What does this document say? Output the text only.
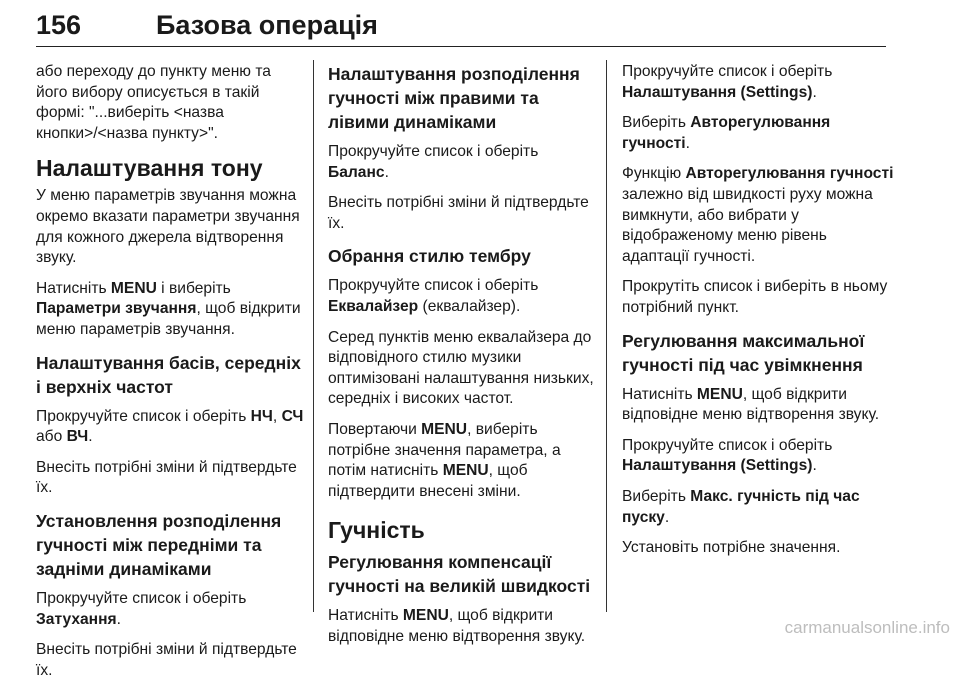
156	Базова операція

або переходу до пункту меню та його вибору описується в такій формі: "...виберіть <назва кнопки>/<назва пункту>".

Налаштування тону

У меню параметрів звучання можна окремо вказати параметри звучання для кожного джерела відтворення звуку.

Натисніть MENU і виберіть Параметри звучання, щоб відкрити меню параметрів звучання.

Налаштування басів, середніх і верхніх частот

Прокручуйте список і оберіть НЧ, СЧ або ВЧ.

Внесіть потрібні зміни й підтвердьте їх.

Установлення розподілення гучності між передніми та задніми динаміками

Прокручуйте список і оберіть Затухання.

Внесіть потрібні зміни й підтвердьте їх.

Налаштування розподілення гучності між правими та лівими динаміками

Прокручуйте список і оберіть Баланс.

Внесіть потрібні зміни й підтвердьте їх.

Обрання стилю тембру

Прокручуйте список і оберіть Еквалайзер (еквалайзер).

Серед пунктів меню еквалайзера до відповідного стилю музики оптимізовані налаштування низьких, середніх і високих частот.

Повертаючи MENU, виберіть потрібне значення параметра, а потім натисніть MENU, щоб підтвердити внесені зміни.

Гучність
Регулювання компенсації гучності на великій швидкості

Натисніть MENU, щоб відкрити відповідне меню відтворення звуку.

Прокручуйте список і оберіть Налаштування (Settings).

Виберіть Авторегулювання гучності.

Функцію Авторегулювання гучності залежно від швидкості руху можна вимкнути, або вибрати у відображеному меню рівень адаптації гучності.

Прокрутіть список і виберіть в ньому потрібний пункт.

Регулювання максимальної гучності під час увімкнення

Натисніть MENU, щоб відкрити відповідне меню відтворення звуку.

Прокручуйте список і оберіть Налаштування (Settings).

Виберіть Макс. гучність під час пуску.

Установіть потрібне значення.

carmanualsonline.info
